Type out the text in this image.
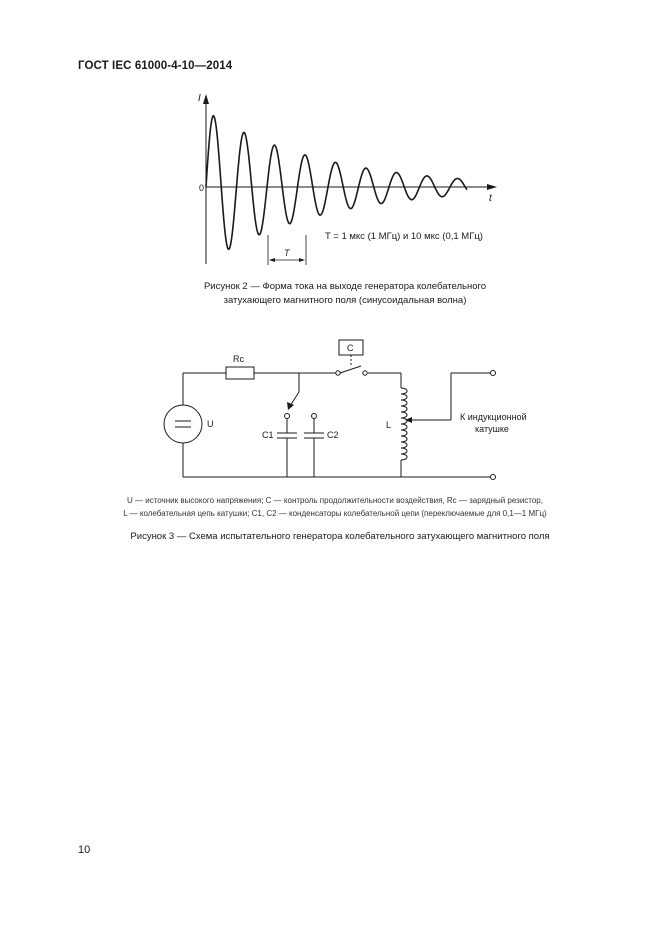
ГОСТ IEC 61000-4-10—2014
I
t
0
T
T = 1 мкс (1 МГц) и 10 мкс (0,1 МГц)
Рисунок 2 — Форма тока на выходе генератора колебательного
затухающего магнитного поля (синусоидальная волна)
Rc
C
U
C1	C2
L
К индукционной
катушке
U — источник высокого напряжения; C — контроль продолжительности воздействия, Rc — зарядный резистор,
L — колебательная цепь катушки; C1, C2 — конденсаторы колебательной цепи (переключаемые для 0,1—1 МГц)
Рисунок 3 — Схема испытательного генератора колебательного затухающего магнитного поля
10
